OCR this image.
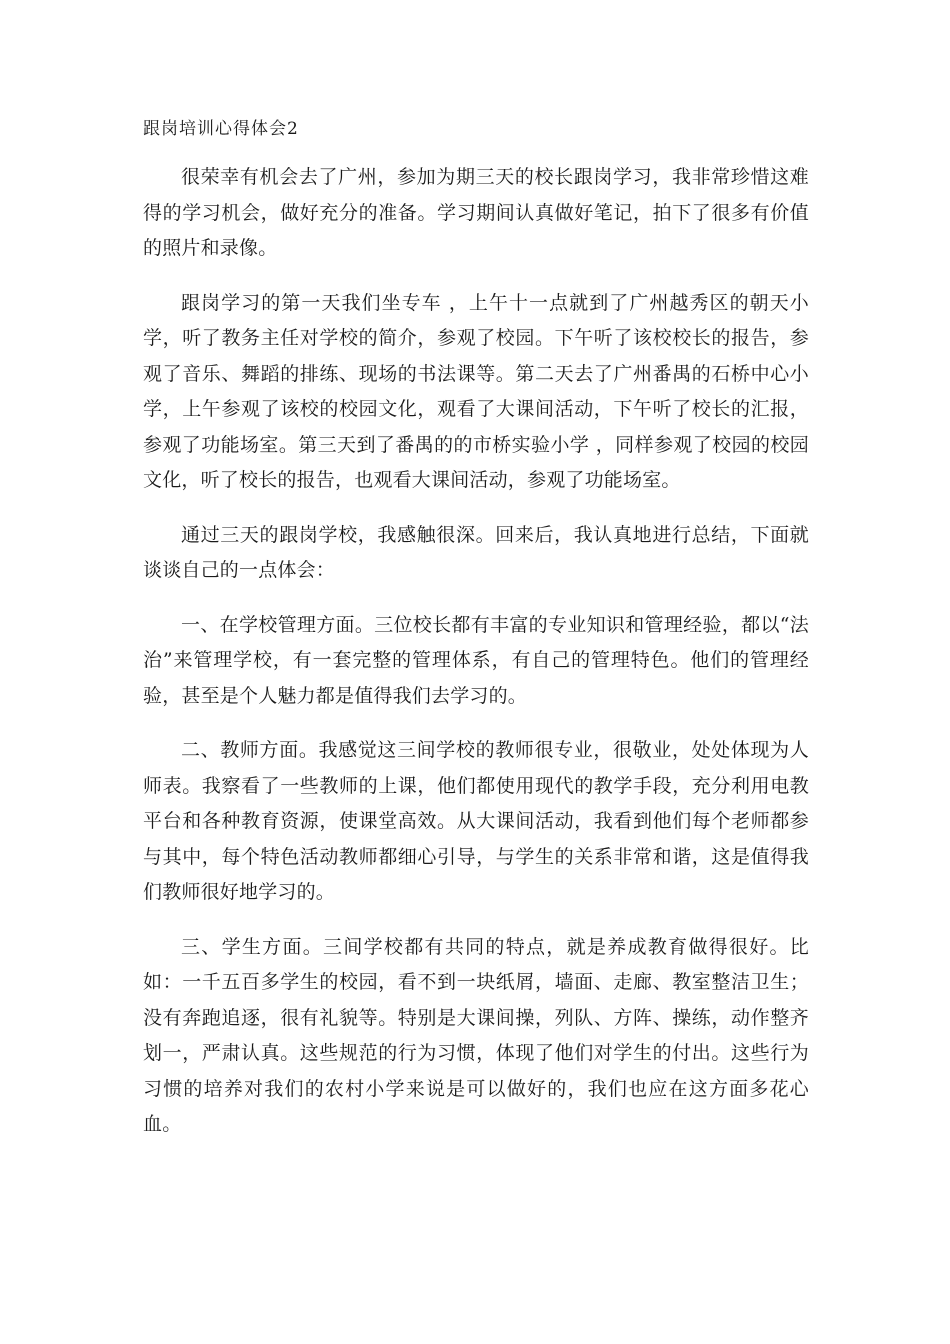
跟岗培训心得体会2

很荣幸有机会去了广州，参加为期三天的校长跟岗学习，我非常珍惜这难得的学习机会，做好充分的准备。学习期间认真做好笔记，拍下了很多有价值的照片和录像。

跟岗学习的第一天我们坐专车 ，上午十一点就到了广州越秀区的朝天小学，听了教务主任对学校的简介，参观了校园。下午听了该校校长的报告，参观了音乐、舞蹈的排练、现场的书法课等。第二天去了广州番禺的石桥中心小学，上午参观了该校的校园文化，观看了大课间活动，下午听了校长的汇报，参观了功能场室。第三天到了番禺的的市桥实验小学 ，同样参观了校园的校园文化，听了校长的报告，也观看大课间活动，参观了功能场室。

通过三天的跟岗学校，我感触很深。回来后，我认真地进行总结，下面就谈谈自己的一点体会：

一、在学校管理方面。三位校长都有丰富的专业知识和管理经验，都以“法治”来管理学校，有一套完整的管理体系，有自己的管理特色。他们的管理经验，甚至是个人魅力都是值得我们去学习的。

二、教师方面。我感觉这三间学校的教师很专业，很敬业，处处体现为人师表。我察看了一些教师的上课，他们都使用现代的教学手段，充分利用电教平台和各种教育资源，使课堂高效。从大课间活动，我看到他们每个老师都参与其中，每个特色活动教师都细心引导，与学生的关系非常和谐，这是值得我们教师很好地学习的。

三、学生方面。三间学校都有共同的特点，就是养成教育做得很好。比如：一千五百多学生的校园，看不到一块纸屑，墙面、走廊、教室整洁卫生；没有奔跑追逐，很有礼貌等。特别是大课间操，列队、方阵、操练，动作整齐划一，严肃认真。这些规范的行为习惯，体现了他们对学生的付出。这些行为习惯的培养对我们的农村小学来说是可以做好的，我们也应在这方面多花心血。
